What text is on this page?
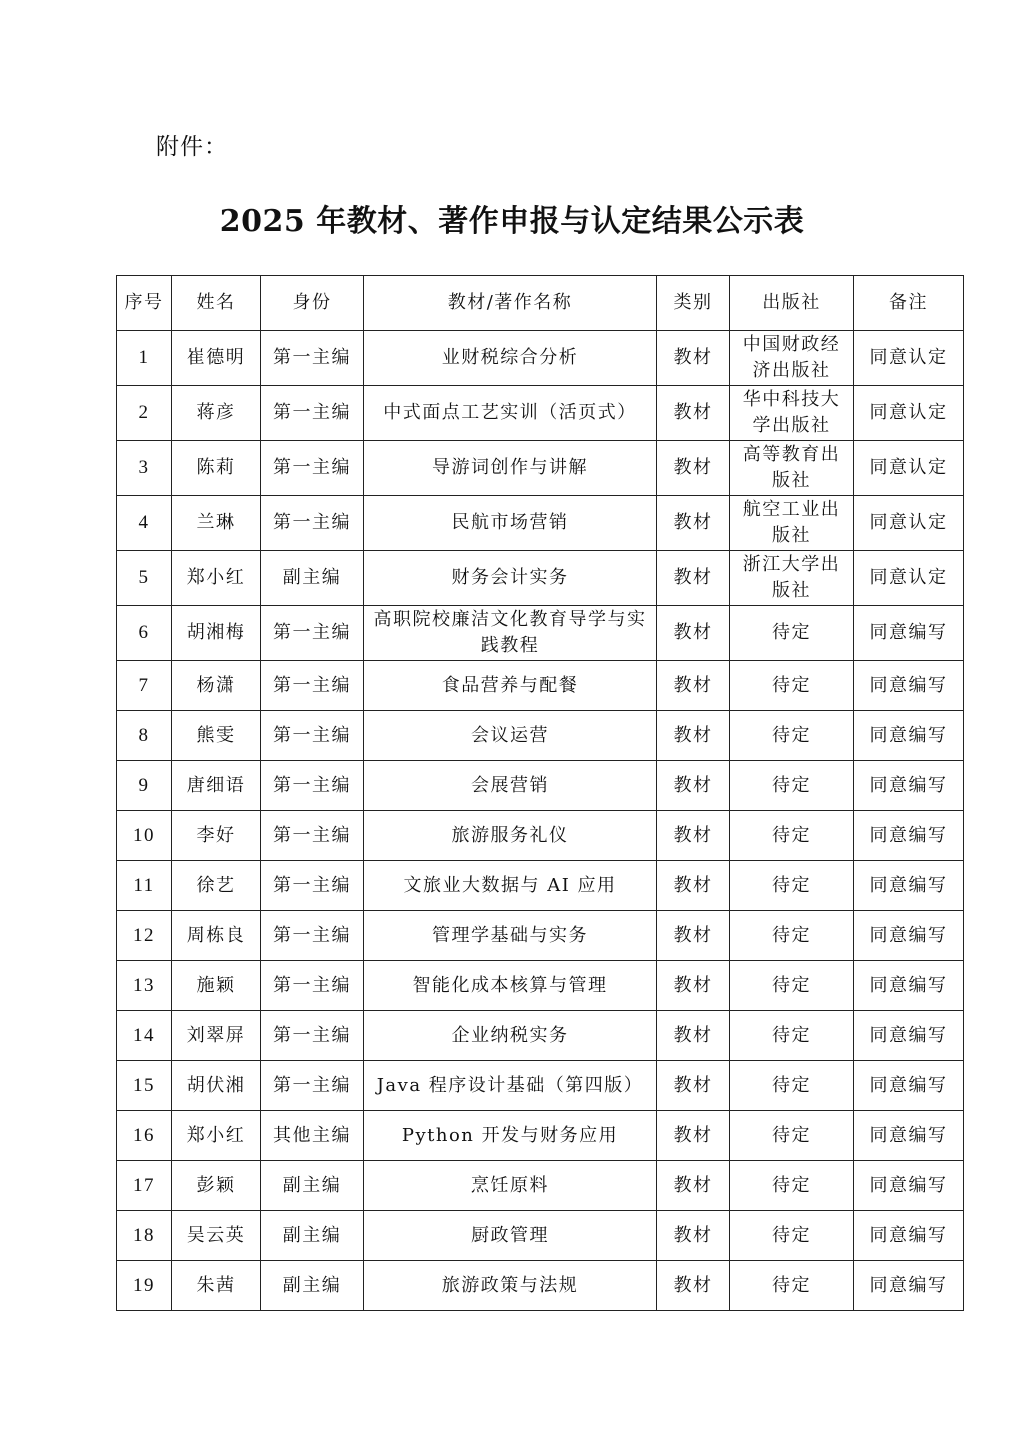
附件：
2025 年教材、著作申报与认定结果公示表
序号	姓名	身份	教材/著作名称	类别	出版社	备注
1	崔德明	第一主编	业财税综合分析	教材	中国财政经济出版社	同意认定
2	蒋彦	第一主编	中式面点工艺实训（活页式）	教材	华中科技大学出版社	同意认定
3	陈莉	第一主编	导游词创作与讲解	教材	高等教育出版社	同意认定
4	兰琳	第一主编	民航市场营销	教材	航空工业出版社	同意认定
5	郑小红	副主编	财务会计实务	教材	浙江大学出版社	同意认定
6	胡湘梅	第一主编	高职院校廉洁文化教育导学与实践教程	教材	待定	同意编写
7	杨潇	第一主编	食品营养与配餐	教材	待定	同意编写
8	熊雯	第一主编	会议运营	教材	待定	同意编写
9	唐细语	第一主编	会展营销	教材	待定	同意编写
10	李好	第一主编	旅游服务礼仪	教材	待定	同意编写
11	徐艺	第一主编	文旅业大数据与 AI 应用	教材	待定	同意编写
12	周栋良	第一主编	管理学基础与实务	教材	待定	同意编写
13	施颖	第一主编	智能化成本核算与管理	教材	待定	同意编写
14	刘翠屏	第一主编	企业纳税实务	教材	待定	同意编写
15	胡伏湘	第一主编	Java 程序设计基础（第四版）	教材	待定	同意编写
16	郑小红	其他主编	Python 开发与财务应用	教材	待定	同意编写
17	彭颖	副主编	烹饪原料	教材	待定	同意编写
18	吴云英	副主编	厨政管理	教材	待定	同意编写
19	朱茜	副主编	旅游政策与法规	教材	待定	同意编写
